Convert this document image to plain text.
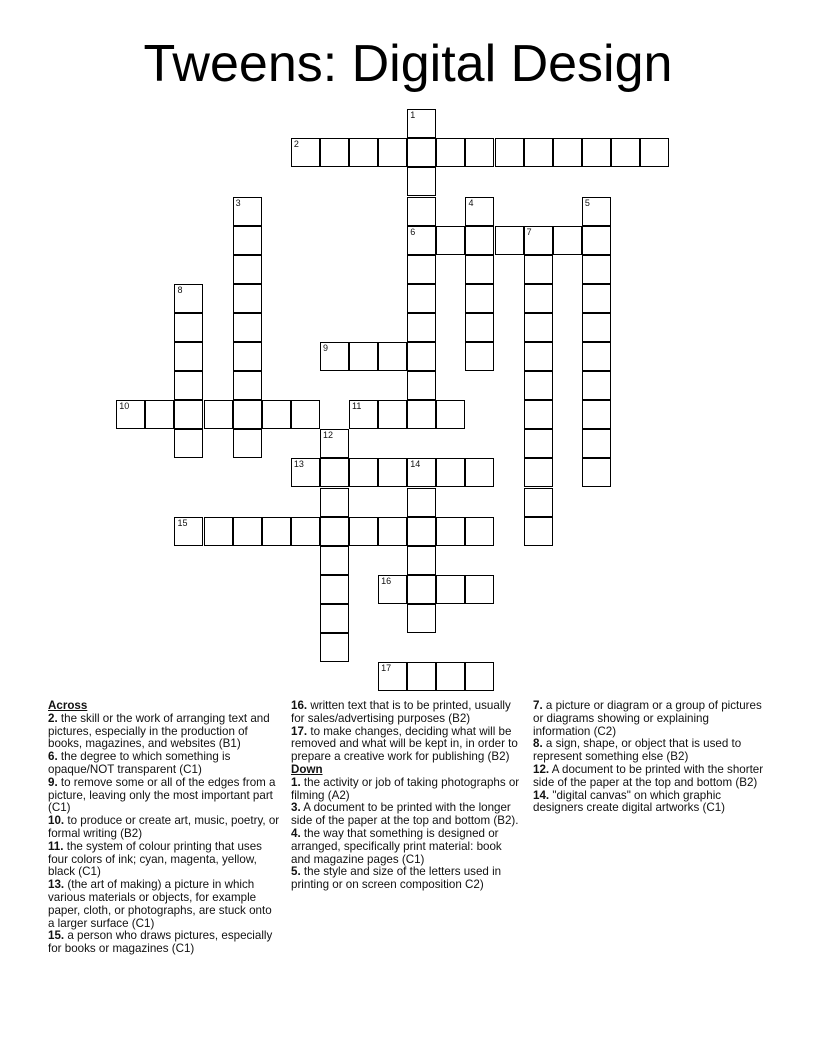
Tweens: Digital Design
1
2
3	4	5
6	7
8
9
10	11
12
13	14
15
16
17
Across
2. the skill or the work of arranging text and pictures, especially in the production of books, magazines, and websites (B1)
6. the degree to which something is opaque/NOT transparent (C1)
9. to remove some or all of the edges from a picture, leaving only the most important part (C1)
10. to produce or create art, music, poetry, or formal writing (B2)
11. the system of colour printing that uses four colors of ink; cyan, magenta, yellow, black (C1)
13. (the art of making) a picture in which various materials or objects, for example paper, cloth, or photographs, are stuck onto a larger surface (C1)
15. a person who draws pictures, especially for books or magazines (C1)
16. written text that is to be printed, usually for sales/advertising purposes (B2)
17. to make changes, deciding what will be removed and what will be kept in, in order to prepare a creative work for publishing (B2)
Down
1. the activity or job of taking photographs or filming (A2)
3. A document to be printed with the longer side of the paper at the top and bottom (B2).
4. the way that something is designed or arranged, specifically print material: book and magazine pages (C1)
5. the style and size of the letters used in printing or on screen composition C2)
7. a picture or diagram or a group of pictures or diagrams showing or explaining information (C2)
8. a sign, shape, or object that is used to represent something else (B2)
12. A document to be printed with the shorter side of the paper at the top and bottom (B2)
14. "digital canvas" on which graphic designers create digital artworks (C1)
